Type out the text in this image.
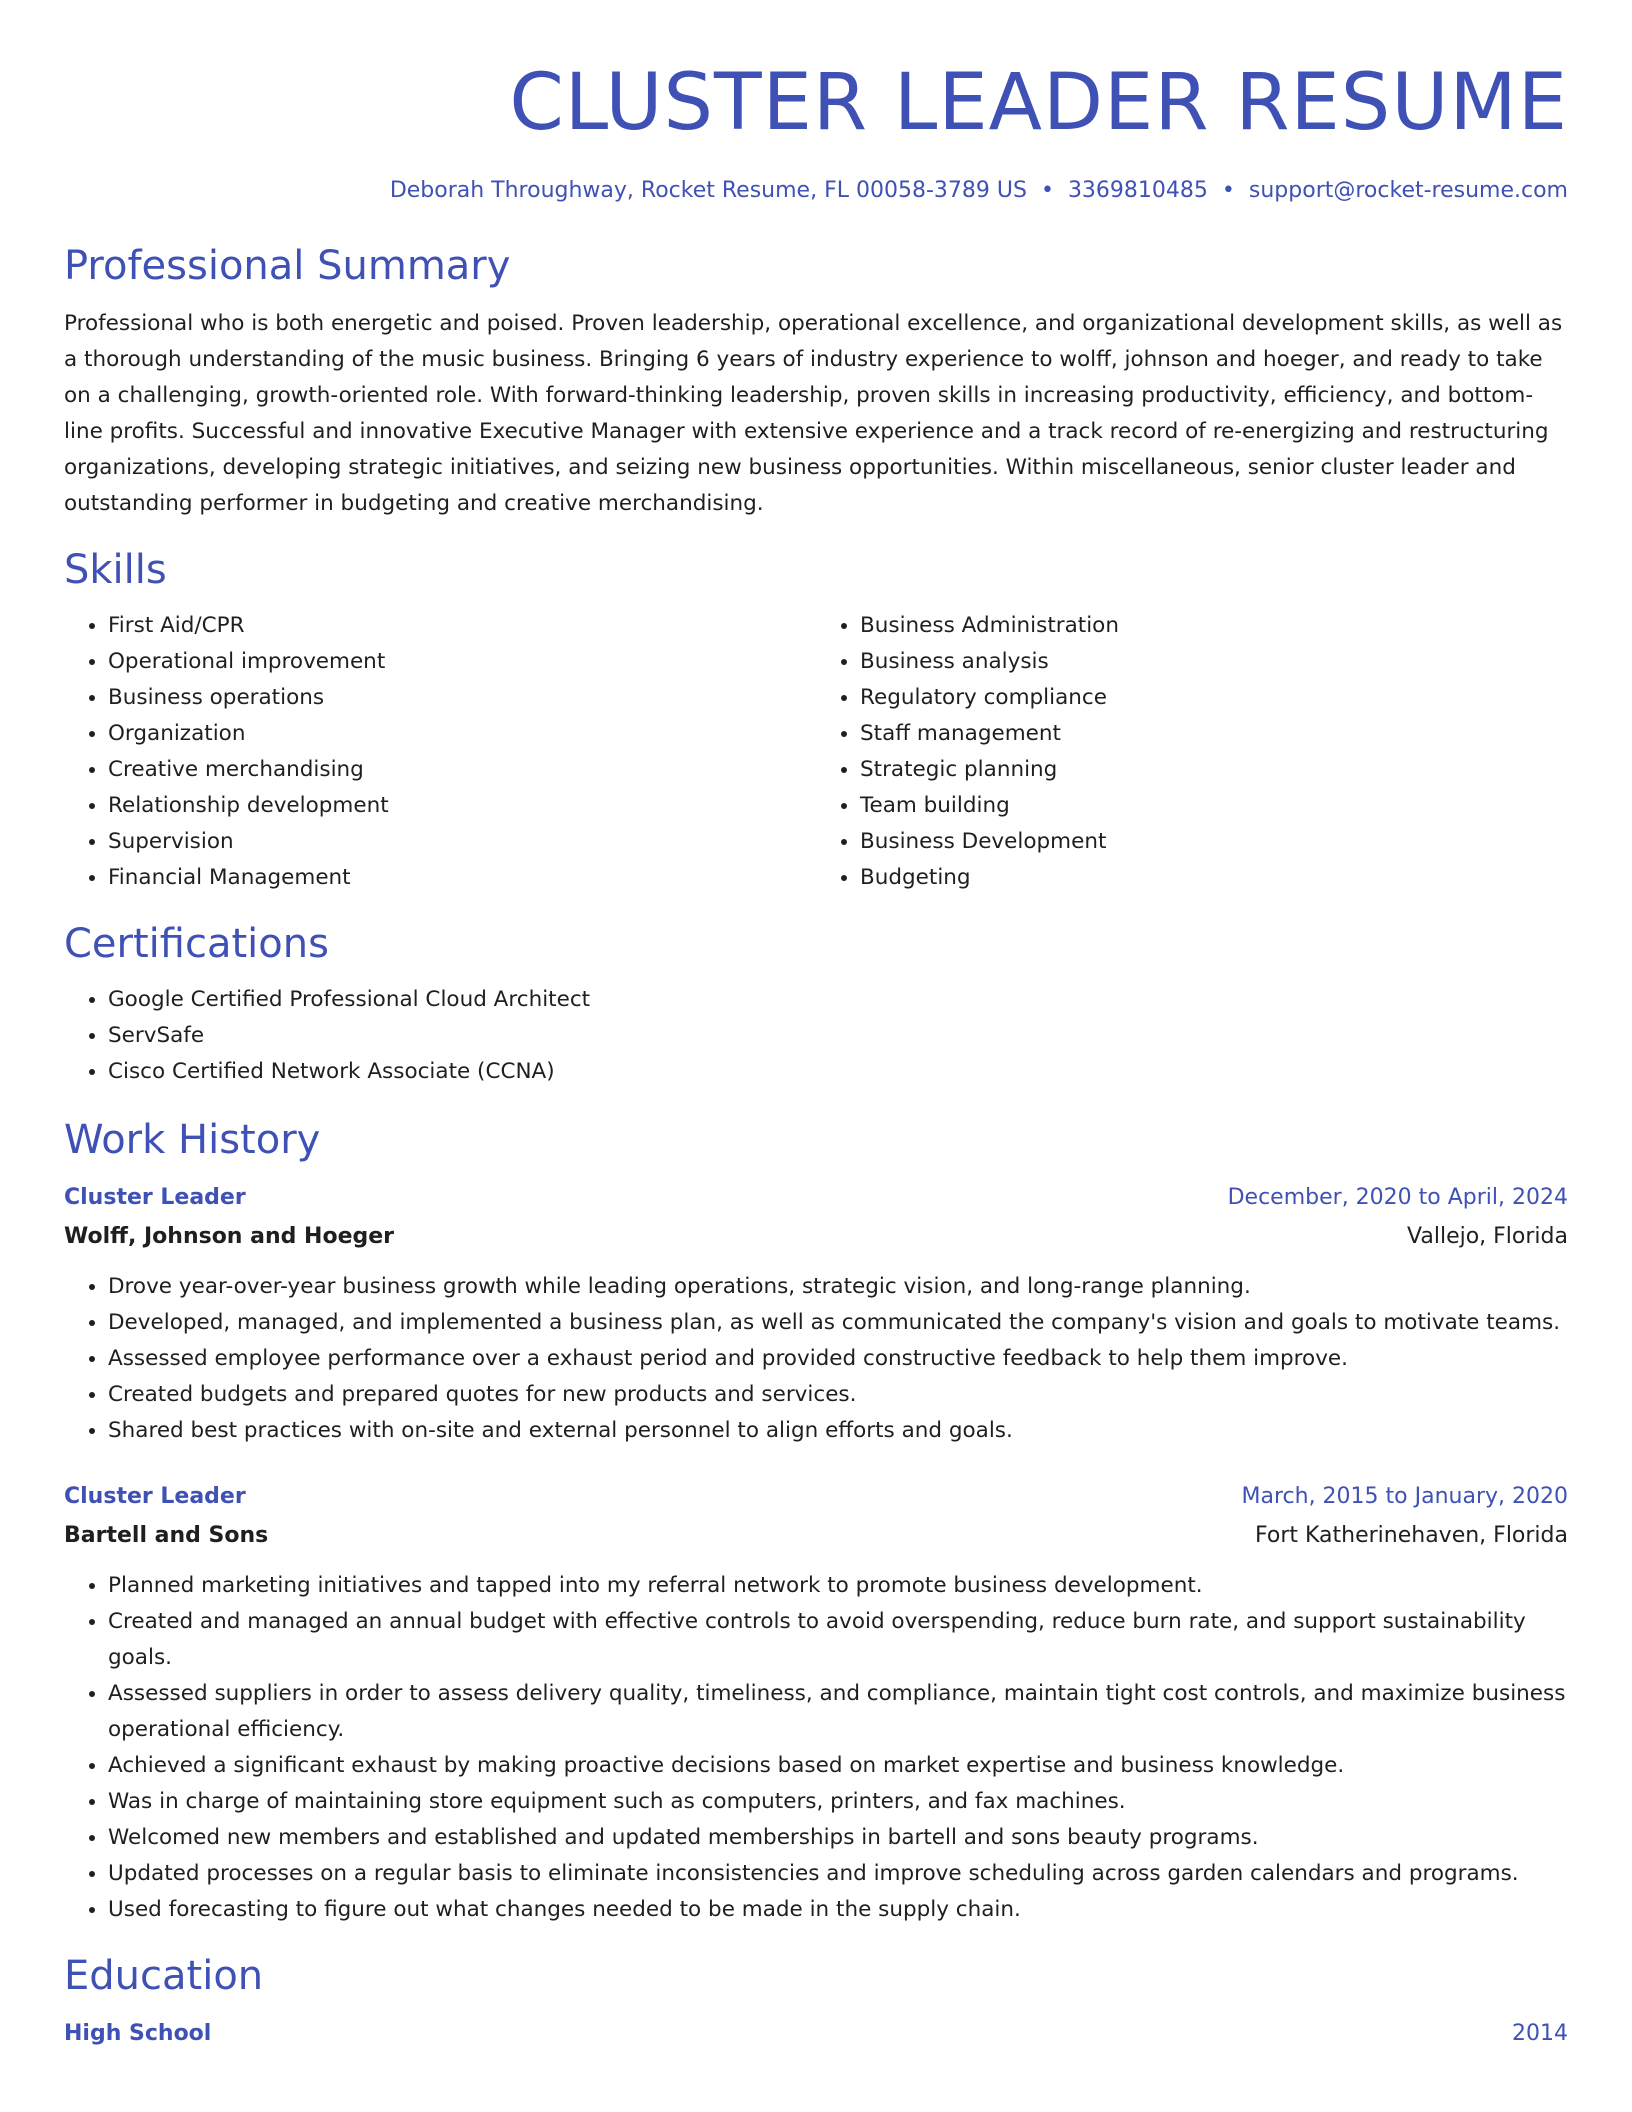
CLUSTER LEADER RESUME
Deborah Throughway, Rocket Resume, FL 00058-3789 US • 3369810485 • support@rocket-resume.com
Professional Summary

Professional who is both energetic and poised. Proven leadership, operational excellence, and organizational development skills, as well as a thorough understanding of the music business. Bringing 6 years of industry experience to wolff, johnson and hoeger, and ready to take on a challenging, growth-oriented role. With forward-thinking leadership, proven skills in increasing productivity, efficiency, and bottom-line profits. Successful and innovative Executive Manager with extensive experience and a track record of re-energizing and restructuring organizations, developing strategic initiatives, and seizing new business opportunities. Within miscellaneous, senior cluster leader and outstanding performer in budgeting and creative merchandising.

Skills
• First Aid/CPR
• Operational improvement
• Business operations
• Organization
• Creative merchandising
• Relationship development
• Supervision
• Financial Management
• Business Administration
• Business analysis
• Regulatory compliance
• Staff management
• Strategic planning
• Team building
• Business Development
• Budgeting
Certifications
• Google Certified Professional Cloud Architect
• ServSafe
• Cisco Certified Network Associate (CCNA)
Work History
Cluster Leader	December, 2020 to April, 2024
Wolff, Johnson and Hoeger	Vallejo, Florida
• Drove year-over-year business growth while leading operations, strategic vision, and long-range planning.
• Developed, managed, and implemented a business plan, as well as communicated the company's vision and goals to motivate teams.
• Assessed employee performance over a exhaust period and provided constructive feedback to help them improve.
• Created budgets and prepared quotes for new products and services.
• Shared best practices with on-site and external personnel to align efforts and goals.
Cluster Leader	March, 2015 to January, 2020
Bartell and Sons	Fort Katherinehaven, Florida
• Planned marketing initiatives and tapped into my referral network to promote business development.
• Created and managed an annual budget with effective controls to avoid overspending, reduce burn rate, and support sustainability goals.
• Assessed suppliers in order to assess delivery quality, timeliness, and compliance, maintain tight cost controls, and maximize business operational efficiency.
• Achieved a significant exhaust by making proactive decisions based on market expertise and business knowledge.
• Was in charge of maintaining store equipment such as computers, printers, and fax machines.
• Welcomed new members and established and updated memberships in bartell and sons beauty programs.
• Updated processes on a regular basis to eliminate inconsistencies and improve scheduling across garden calendars and programs.
• Used forecasting to figure out what changes needed to be made in the supply chain.
Education
High School	2014
